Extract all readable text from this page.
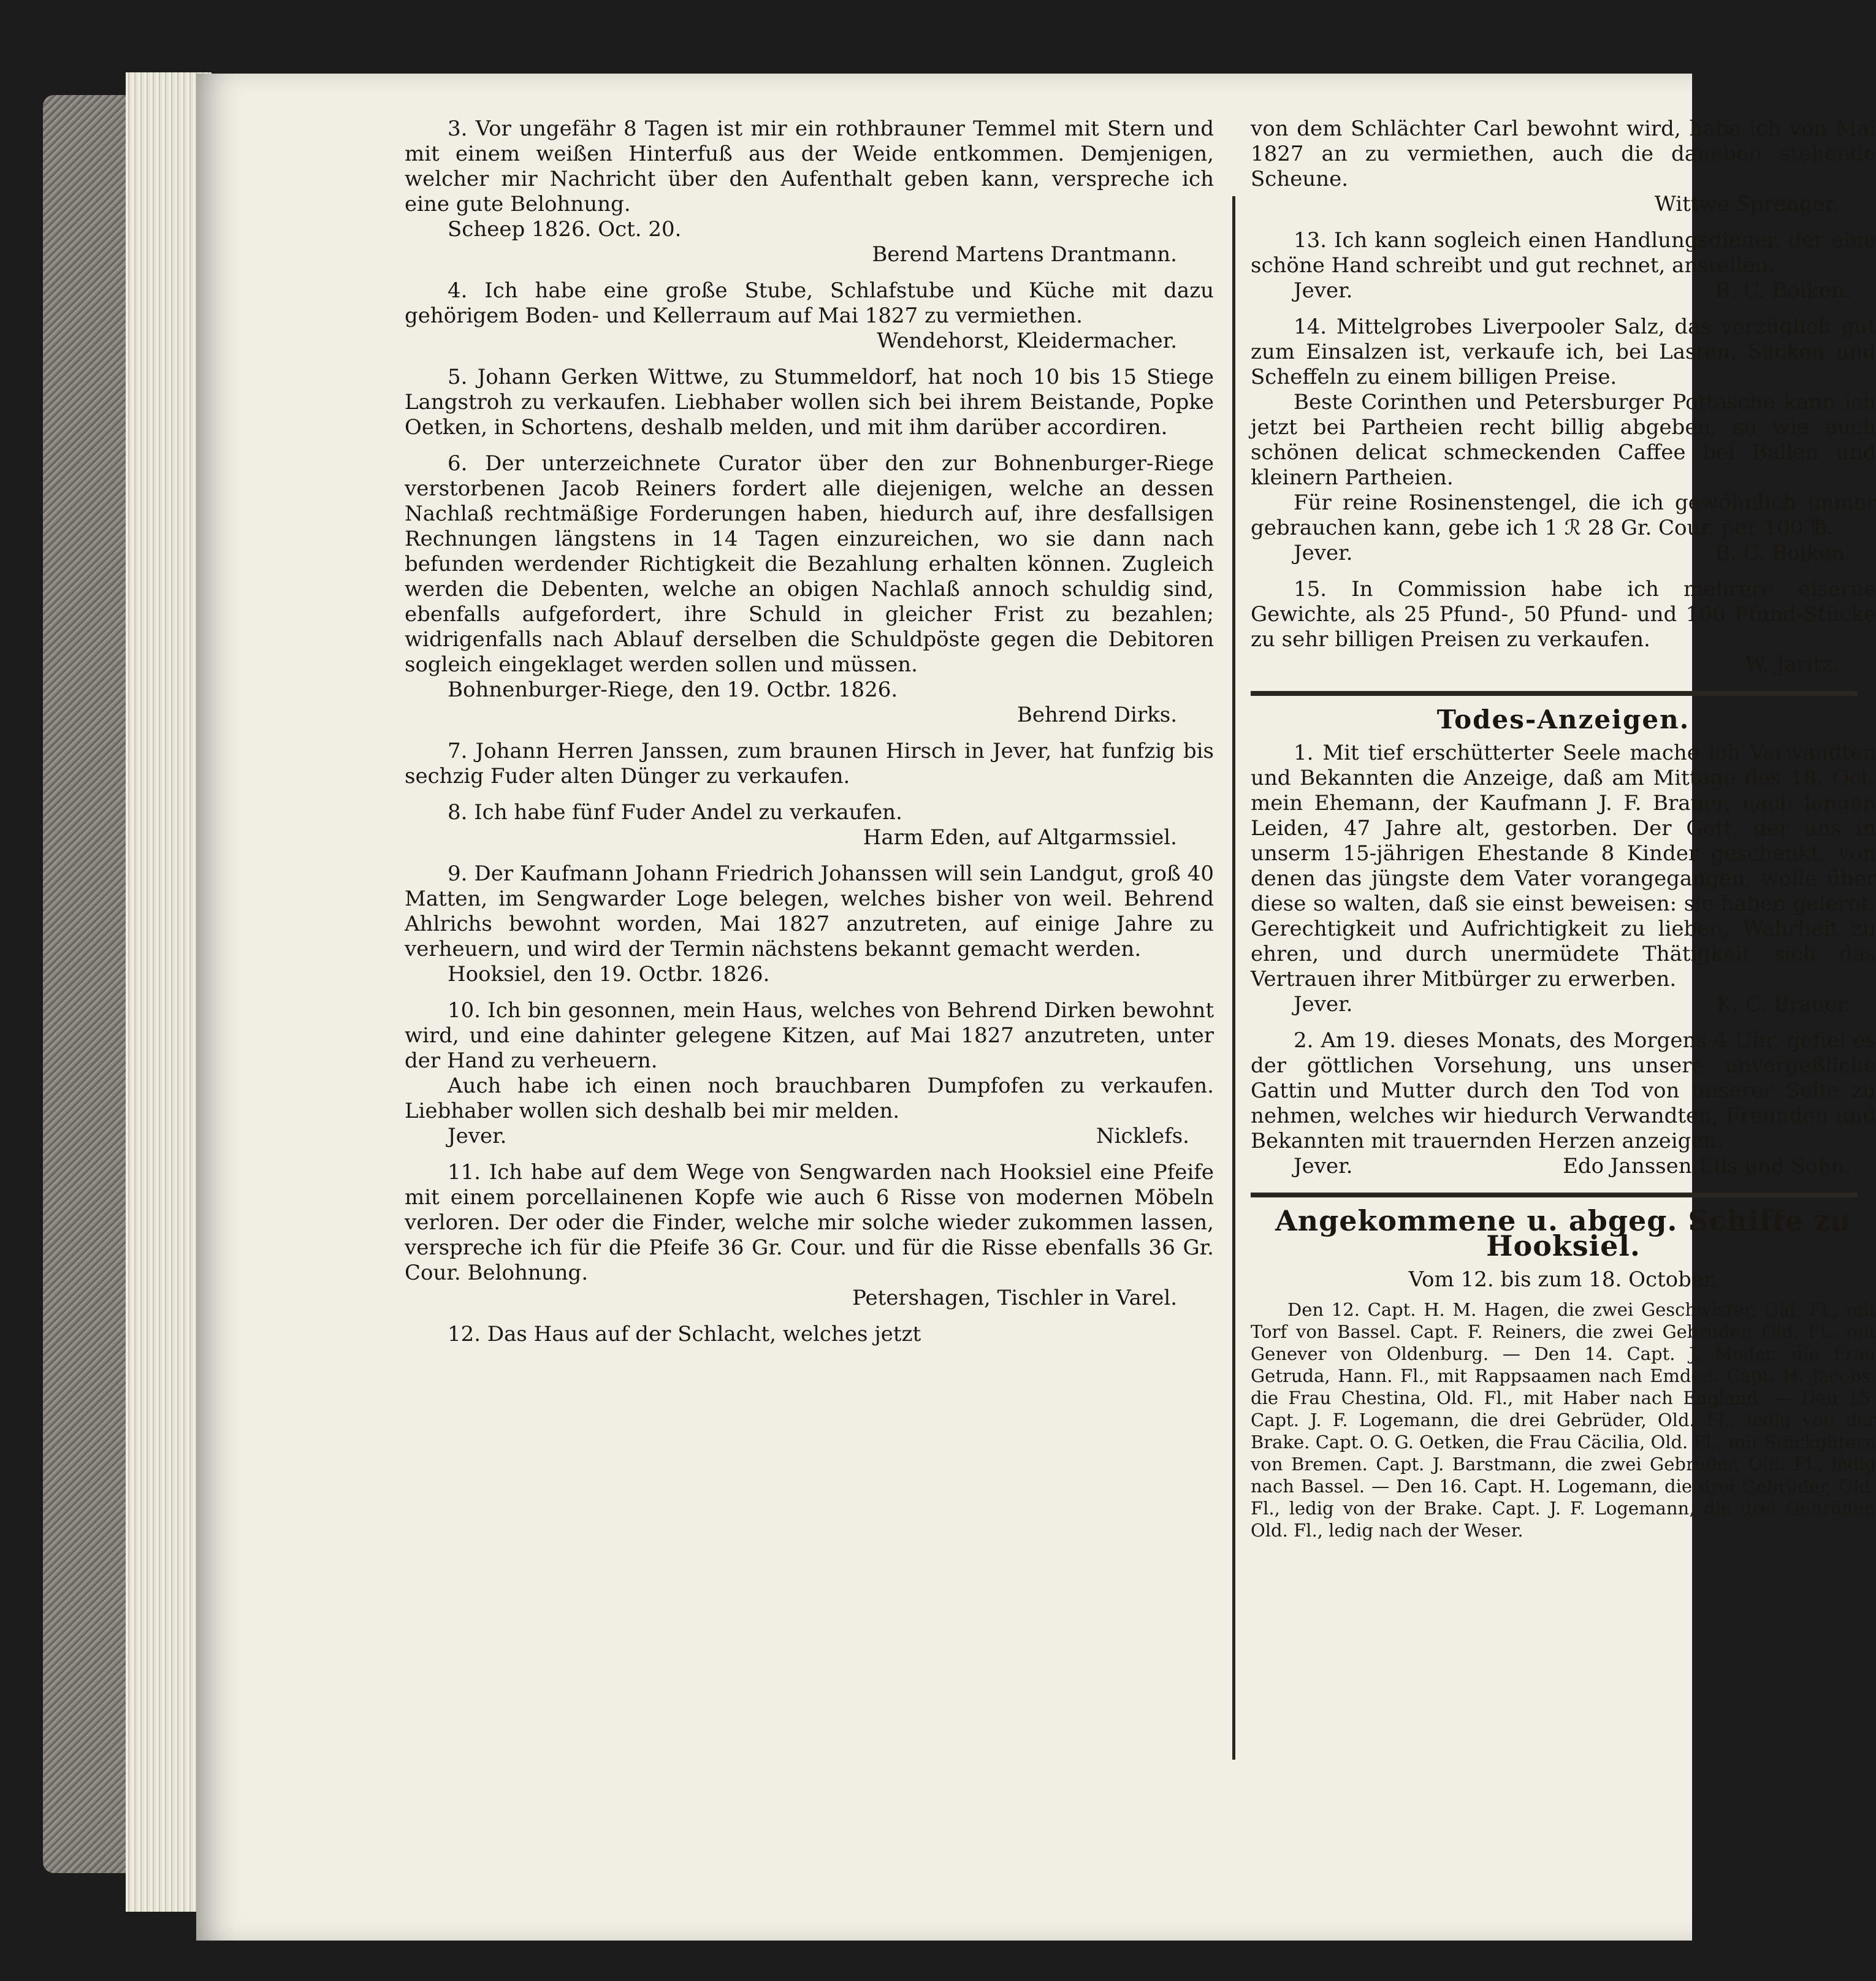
3. Vor ungefähr 8 Tagen ist mir ein rothbrauner Temmel mit Stern und mit einem weißen Hinterfuß aus der Weide entkommen. Demjenigen, welcher mir Nachricht über den Aufenthalt geben kann, verspreche ich eine gute Belohnung.

Scheep 1826. Oct. 20.

Berend Martens Drantmann.

4. Ich habe eine große Stube, Schlafstube und Küche mit dazu gehörigem Boden- und Kellerraum auf Mai 1827 zu vermiethen.

Wendehorst, Kleidermacher.

5. Johann Gerken Wittwe, zu Stummeldorf, hat noch 10 bis 15 Stiege Langstroh zu verkaufen. Liebhaber wollen sich bei ihrem Beistande, Popke Oetken, in Schortens, deshalb melden, und mit ihm darüber accordiren.

6. Der unterzeichnete Curator über den zur Bohnenburger-Riege verstorbenen Jacob Reiners fordert alle diejenigen, welche an dessen Nachlaß rechtmäßige Forderungen haben, hiedurch auf, ihre desfallsigen Rechnungen längstens in 14 Tagen einzureichen, wo sie dann nach befunden werdender Richtigkeit die Bezahlung erhalten können. Zugleich werden die Debenten, welche an obigen Nachlaß annoch schuldig sind, ebenfalls aufgefordert, ihre Schuld in gleicher Frist zu bezahlen; widrigenfalls nach Ablauf derselben die Schuldpöste gegen die Debitoren sogleich eingeklaget werden sollen und müssen.

Bohnenburger-Riege, den 19. Octbr. 1826.

Behrend Dirks.

7. Johann Herren Janssen, zum braunen Hirsch in Jever, hat funfzig bis sechzig Fuder alten Dünger zu verkaufen.

8. Ich habe fünf Fuder Andel zu verkaufen.

Harm Eden, auf Altgarmssiel.

9. Der Kaufmann Johann Friedrich Johanssen will sein Landgut, groß 40 Matten, im Sengwarder Loge belegen, welches bisher von weil. Behrend Ahlrichs bewohnt worden, Mai 1827 anzutreten, auf einige Jahre zu verheuern, und wird der Termin nächstens bekannt gemacht werden.

Hooksiel, den 19. Octbr. 1826.

10. Ich bin gesonnen, mein Haus, welches von Behrend Dirken bewohnt wird, und eine dahinter gelegene Kitzen, auf Mai 1827 anzutreten, unter der Hand zu verheuern.

Auch habe ich einen noch brauchbaren Dumpfofen zu verkaufen. Liebhaber wollen sich deshalb bei mir melden.

Jever.	Nicklefs.

11. Ich habe auf dem Wege von Sengwarden nach Hooksiel eine Pfeife mit einem porcellainenen Kopfe wie auch 6 Risse von modernen Möbeln verloren. Der oder die Finder, welche mir solche wieder zukommen lassen, verspreche ich für die Pfeife 36 Gr. Cour. und für die Risse ebenfalls 36 Gr. Cour. Belohnung.

Petershagen, Tischler in Varel.

12. Das Haus auf der Schlacht, welches jetzt

von dem Schlächter Carl bewohnt wird, habe ich von Mai 1827 an zu vermiethen, auch die daneben stehende Scheune.

Wittwe Sprenger.

13. Ich kann sogleich einen Handlungsdiener, der eine schöne Hand schreibt und gut rechnet, anstellen.

Jever.	B. C. Boiken.

14. Mittelgrobes Liverpooler Salz, das vorzüglich gut zum Einsalzen ist, verkaufe ich, bei Lasten, Säcken und Scheffeln zu einem billigen Preise.

Beste Corinthen und Petersburger Pottasche kann ich jetzt bei Partheien recht billig abgeben, so wie auch schönen delicat schmeckenden Caffee bei Ballen und kleinern Partheien.

Für reine Rosinenstengel, die ich gewöhnlich immer gebrauchen kann, gebe ich 1 ℛ 28 Gr. Cour. per 100 ℔.

Jever.	B. C. Boiken.

15. In Commission habe ich mehrere eiserne Gewichte, als 25 Pfund-, 50 Pfund- und 100 Pfund-Stücke zu sehr billigen Preisen zu verkaufen.

W. Jaritz.

Todes-Anzeigen.

1. Mit tief erschütterter Seele mache ich Verwandten und Bekannten die Anzeige, daß am Mittage des 18. Oct. mein Ehemann, der Kaufmann J. F. Brauer, nach langen Leiden, 47 Jahre alt, gestorben. Der Gott, der uns in unserm 15-jährigen Ehestande 8 Kinder geschenkt, von denen das jüngste dem Vater vorangegangen, wolle über diese so walten, daß sie einst beweisen: sie haben gelernt, Gerechtigkeit und Aufrichtigkeit zu lieben, Wahrheit zu ehren, und durch unermüdete Thätigkeit sich das Vertrauen ihrer Mitbürger zu erwerben.

Jever.	K. C. Brauer.

2. Am 19. dieses Monats, des Morgens 4 Uhr, gefiel es der göttlichen Vorsehung, uns unsere unvergeßliche Gattin und Mutter durch den Tod von unserer Seite zu nehmen, welches wir hiedurch Verwandten, Freunden und Bekannten mit trauernden Herzen anzeigen.

Jever.	Edo Janssen Eils und Sohn.
Angekommene u. abgeg. Schiffe zu Hooksiel.
Vom 12. bis zum 18. October.

Den 12. Capt. H. M. Hagen, die zwei Geschwister, Old. Fl., mit Torf von Bassel. Capt. F. Reiners, die zwei Gebrüder, Old. Fl., mit Genever von Oldenburg. — Den 14. Capt. J. Moder, die Frau Getruda, Hann. Fl., mit Rappsaamen nach Emden. Capt. H. Jacobs, die Frau Chestina, Old. Fl., mit Haber nach England. — Den 15. Capt. J. F. Logemann, die drei Gebrüder, Old. Fl., ledig von der Brake. Capt. O. G. Oetken, die Frau Cäcilia, Old. Fl., mit Stückgütern von Bremen. Capt. J. Barstmann, die zwei Gebrüder, Old. Fl., ledig nach Bassel. — Den 16. Capt. H. Logemann, die drei Gebrüder, Old. Fl., ledig von der Brake. Capt. J. F. Logemann, die drei Gebrüder, Old. Fl., ledig nach der Weser.
